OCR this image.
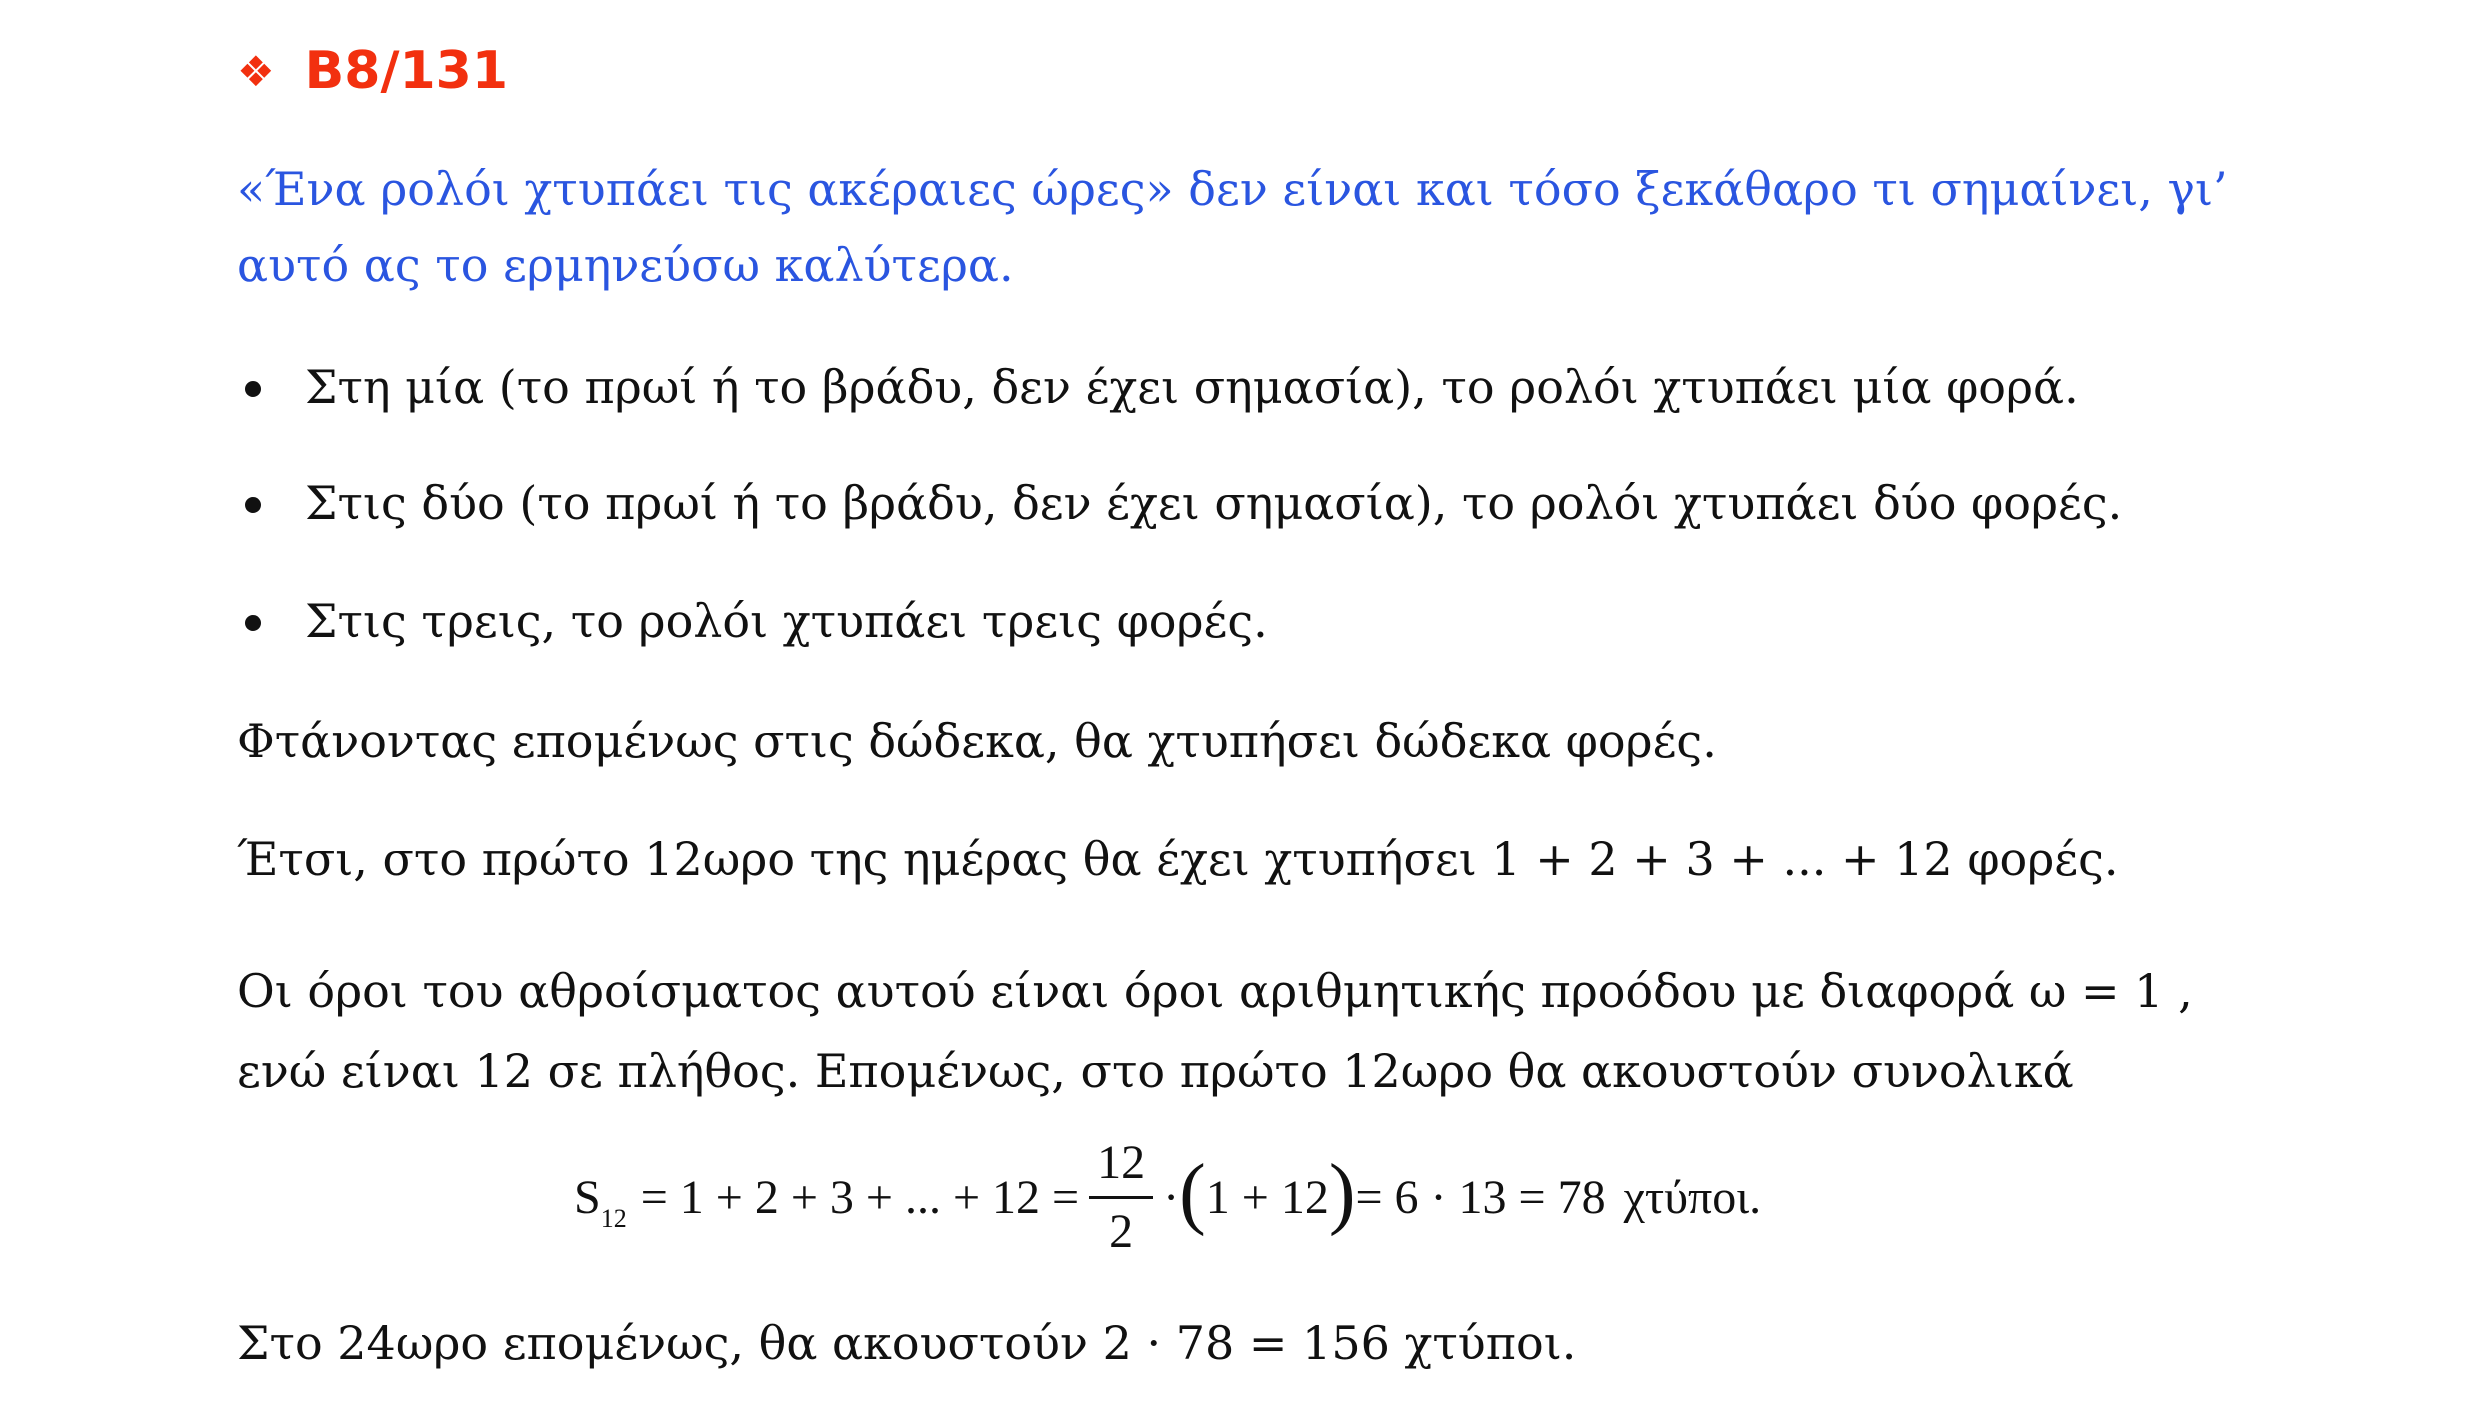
❖ Β8/131
«Ένα ρολόι χτυπάει τις ακέραιες ώρες» δεν είναι και τόσο ξεκάθαρο τι σημαίνει, γι’
αυτό ας το ερμηνεύσω καλύτερα.
Στη μία (το πρωί ή το βράδυ, δεν έχει σημασία), το ρολόι χτυπάει μία φορά.
Στις δύο (το πρωί ή το βράδυ, δεν έχει σημασία), το ρολόι χτυπάει δύο φορές.
Στις τρεις, το ρολόι χτυπάει τρεις φορές.
Φτάνοντας επομένως στις δώδεκα, θα χτυπήσει δώδεκα φορές.
Έτσι, στο πρώτο 12ωρο της ημέρας θα έχει χτυπήσει 1 + 2 + 3 + ... + 12 φορές.
Οι όροι του αθροίσματος αυτού είναι όροι αριθμητικής προόδου με διαφορά ω = 1 ,
ενώ είναι 12 σε πλήθος. Επομένως, στο πρώτο 12ωρο θα ακουστούν συνολικά
S 12 = 1 + 2 + 3 + ... + $12 = \frac{12}{2}$ · ( 1 + 12 ) = 6 · 13 = 78 χτύποι.
Στο 24ωρο επομένως, θα ακουστούν 2 · 78 = 156 χτύποι.
